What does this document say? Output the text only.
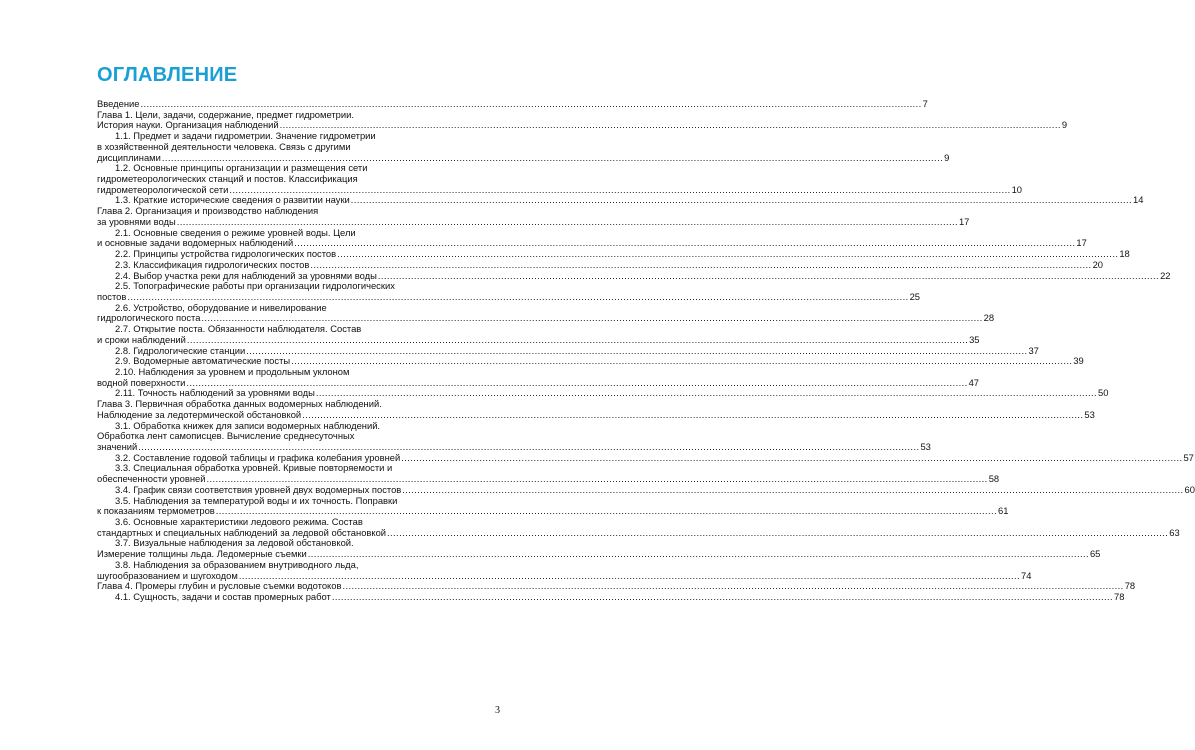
ОГЛАВЛЕНИЕ
Введение .................................................................................................................................................................................................................................................................... 7
Глава 1. Цели, задачи, содержание, предмет гидрометрии.
История науки. Организация наблюдений .................................................................................................................................................................................................................................................................... 9
1.1. Предмет и задачи гидрометрии. Значение гидрометрии
в хозяйственной деятельности человека. Связь с другими
дисциплинами .................................................................................................................................................................................................................................................................... 9
1.2. Основные принципы организации и размещения сети
гидрометеорологических станций и постов. Классификация
гидрометеорологической сети .................................................................................................................................................................................................................................................................... 10
1.3. Краткие исторические сведения о развитии науки .................................................................................................................................................................................................................................................................... 14
Глава 2. Организация и производство наблюдения
за уровнями воды .................................................................................................................................................................................................................................................................... 17
2.1. Основные сведения о режиме уровней воды. Цели
и основные задачи водомерных наблюдений .................................................................................................................................................................................................................................................................... 17
2.2. Принципы устройства гидрологических постов .................................................................................................................................................................................................................................................................... 18
2.3. Классификация гидрологических постов .................................................................................................................................................................................................................................................................... 20
2.4. Выбор участка реки для наблюдений за уровнями воды .................................................................................................................................................................................................................................................................... 22
2.5. Топографические работы при организации гидрологических
постов .................................................................................................................................................................................................................................................................... 25
2.6. Устройство, оборудование и нивелирование
гидрологического поста .................................................................................................................................................................................................................................................................... 28
2.7. Открытие поста. Обязанности наблюдателя. Состав
и сроки наблюдений .................................................................................................................................................................................................................................................................... 35
2.8. Гидрологические станции .................................................................................................................................................................................................................................................................... 37
2.9. Водомерные автоматические посты .................................................................................................................................................................................................................................................................... 39
2.10. Наблюдения за уровнем и продольным уклоном
водной поверхности .................................................................................................................................................................................................................................................................... 47
2.11. Точность наблюдений за уровнями воды .................................................................................................................................................................................................................................................................... 50
Глава 3. Первичная обработка данных водомерных наблюдений.
Наблюдение за ледотермической обстановкой .................................................................................................................................................................................................................................................................... 53
3.1. Обработка книжек для записи водомерных наблюдений.
Обработка лент самописцев. Вычисление среднесуточных
значений .................................................................................................................................................................................................................................................................... 53
3.2. Составление годовой таблицы и графика колебания уровней .................................................................................................................................................................................................................................................................... 57
3.3. Специальная обработка уровней. Кривые повторяемости и
обеспеченности уровней .................................................................................................................................................................................................................................................................... 58
3.4. График связи соответствия уровней двух водомерных постов .................................................................................................................................................................................................................................................................... 60
3.5. Наблюдения за температурой воды и их точность. Поправки
к показаниям термометров .................................................................................................................................................................................................................................................................... 61
3.6. Основные характеристики ледового режима. Состав
стандартных и специальных наблюдений за ледовой обстановкой .................................................................................................................................................................................................................................................................... 63
3.7. Визуальные наблюдения за ледовой обстановкой.
Измерение толщины льда. Ледомерные съемки .................................................................................................................................................................................................................................................................... 65
3.8. Наблюдения за образованием внутриводного льда,
шугообразованием и шугоходом .................................................................................................................................................................................................................................................................... 74
Глава 4. Промеры глубин и русловые съемки водотоков .................................................................................................................................................................................................................................................................... 78
4.1. Сущность, задачи и состав промерных работ .................................................................................................................................................................................................................................................................... 78

3
